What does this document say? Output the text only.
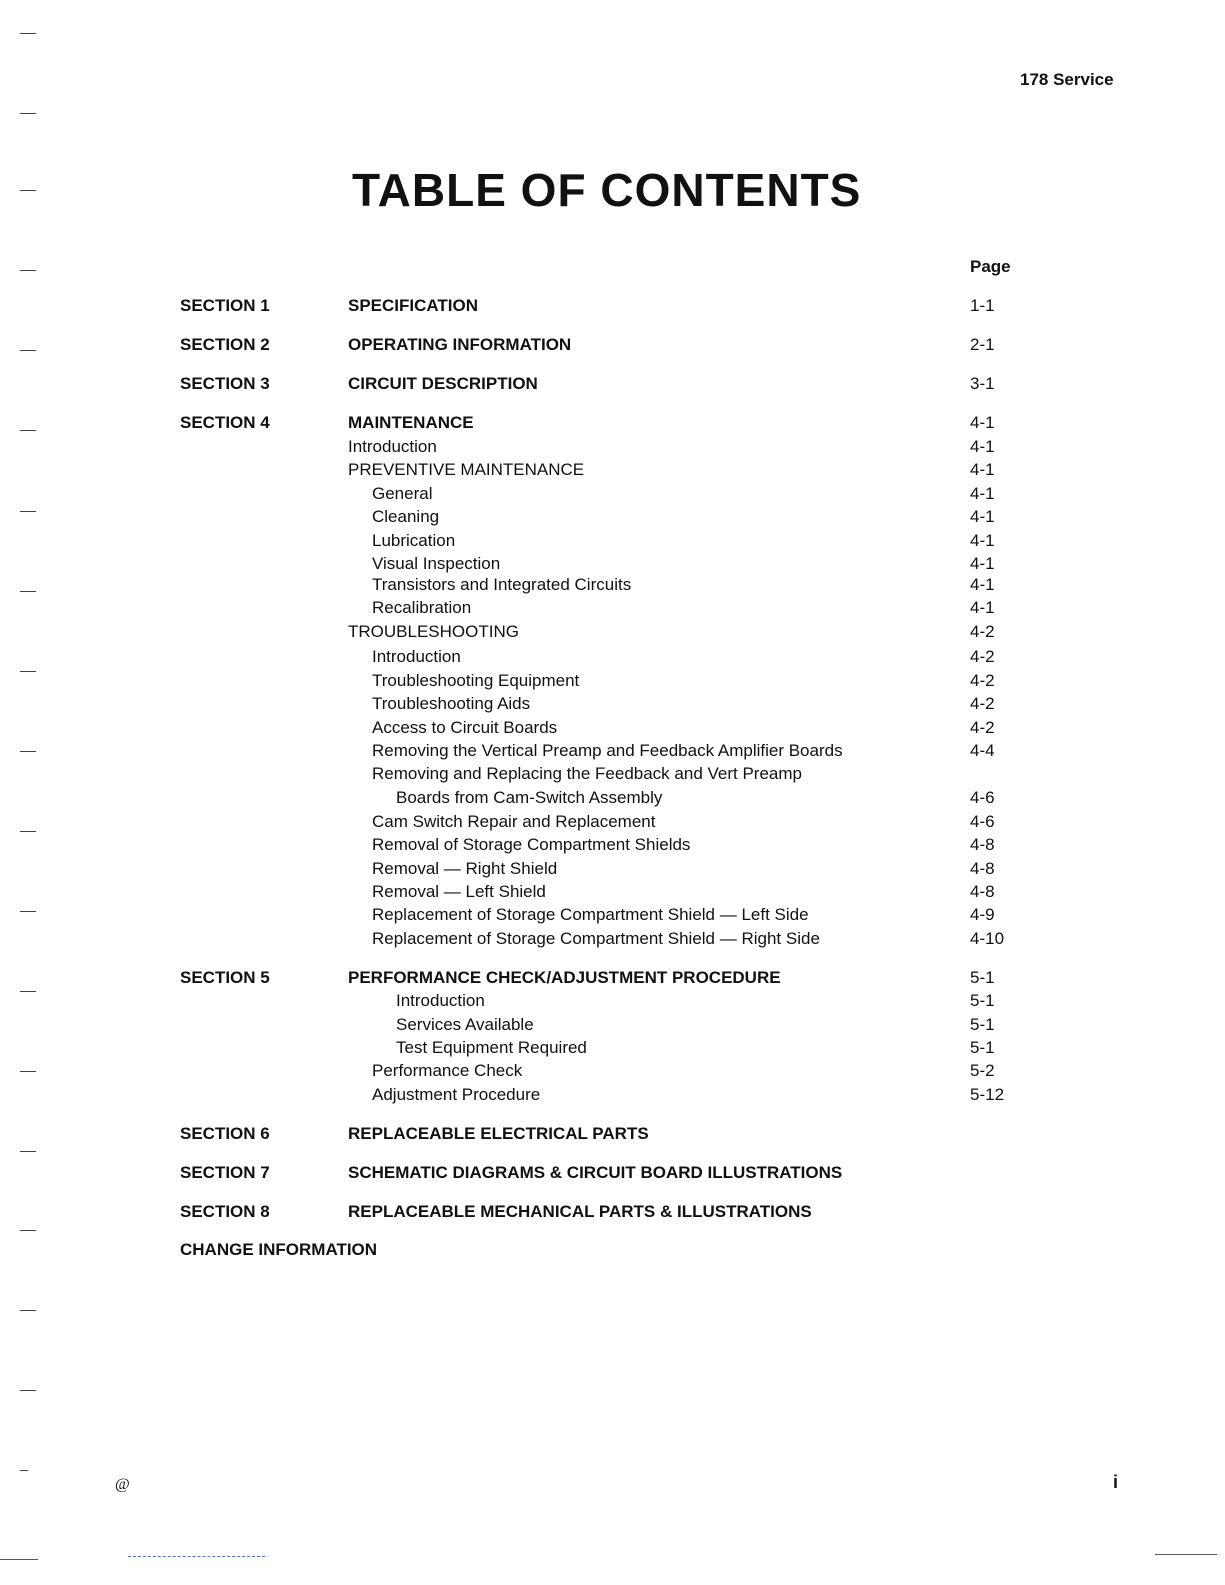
178 Service
TABLE OF CONTENTS
Page
SECTION 1	SPECIFICATION	1-1
SECTION 2	OPERATING INFORMATION	2-1
SECTION 3	CIRCUIT DESCRIPTION	3-1
SECTION 4	MAINTENANCE	4-1
Introduction	4-1
PREVENTIVE MAINTENANCE	4-1
General	4-1
Cleaning	4-1
Lubrication	4-1
Visual Inspection	4-1
Transistors and Integrated Circuits	4-1
Recalibration	4-1
TROUBLESHOOTING	4-2
Introduction	4-2
Troubleshooting Equipment	4-2
Troubleshooting Aids	4-2
Access to Circuit Boards	4-2
Removing the Vertical Preamp and Feedback Amplifier Boards	4-4
Removing and Replacing the Feedback and Vert Preamp
Boards from Cam-Switch Assembly	4-6
Cam Switch Repair and Replacement	4-6
Removal of Storage Compartment Shields	4-8
Removal — Right Shield	4-8
Removal — Left Shield	4-8
Replacement of Storage Compartment Shield — Left Side	4-9
Replacement of Storage Compartment Shield — Right Side	4-10
SECTION 5	PERFORMANCE CHECK/ADJUSTMENT PROCEDURE	5-1
Introduction	5-1
Services Available	5-1
Test Equipment Required	5-1
Performance Check	5-2
Adjustment Procedure	5-12
SECTION 6	REPLACEABLE ELECTRICAL PARTS
SECTION 7	SCHEMATIC DIAGRAMS & CIRCUIT BOARD ILLUSTRATIONS
SECTION 8	REPLACEABLE MECHANICAL PARTS & ILLUSTRATIONS
CHANGE INFORMATION
@	i
